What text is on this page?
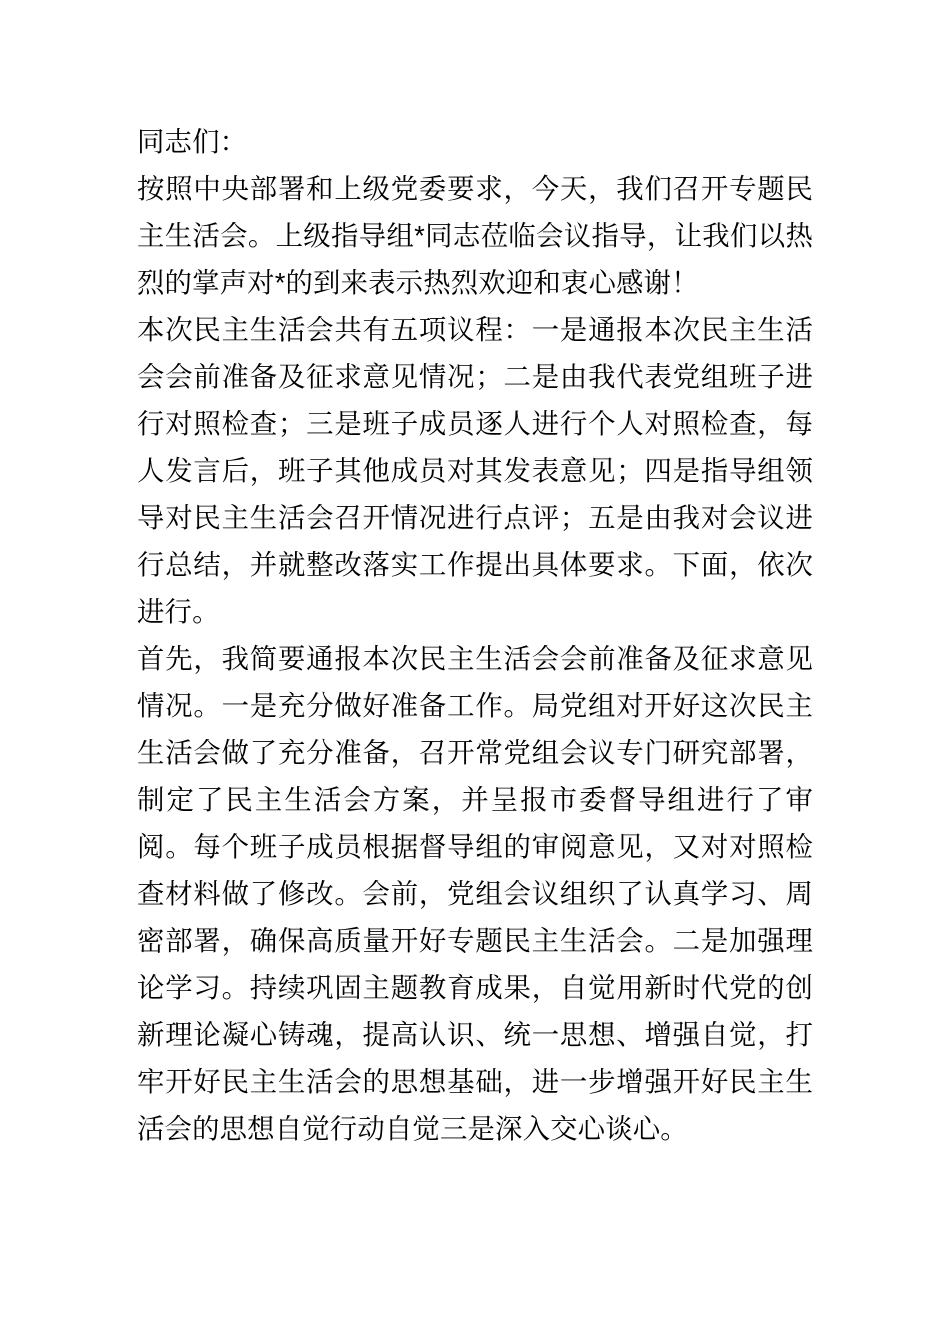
同志们：

按照中央部署和上级党委要求，今天，我们召开专题民主生活会。上级指导组*同志莅临会议指导，让我们以热烈的掌声对*的到来表示热烈欢迎和衷心感谢！

本次民主生活会共有五项议程：一是通报本次民主生活会会前准备及征求意见情况；二是由我代表党组班子进行对照检查；三是班子成员逐人进行个人对照检查，每人发言后，班子其他成员对其发表意见；四是指导组领导对民主生活会召开情况进行点评；五是由我对会议进行总结，并就整改落实工作提出具体要求。下面，依次进行。

首先，我简要通报本次民主生活会会前准备及征求意见情况。一是充分做好准备工作。局党组对开好这次民主生活会做了充分准备，召开常党组会议专门研究部署，制定了民主生活会方案，并呈报市委督导组进行了审阅。每个班子成员根据督导组的审阅意见，又对对照检查材料做了修改。会前，党组会议组织了认真学习、周密部署，确保高质量开好专题民主生活会。二是加强理论学习。持续巩固主题教育成果，自觉用新时代党的创新理论凝心铸魂，提高认识、统一思想、增强自觉，打牢开好民主生活会的思想基础，进一步增强开好民主生活会的思想自觉行动自觉三是深入交心谈心。
